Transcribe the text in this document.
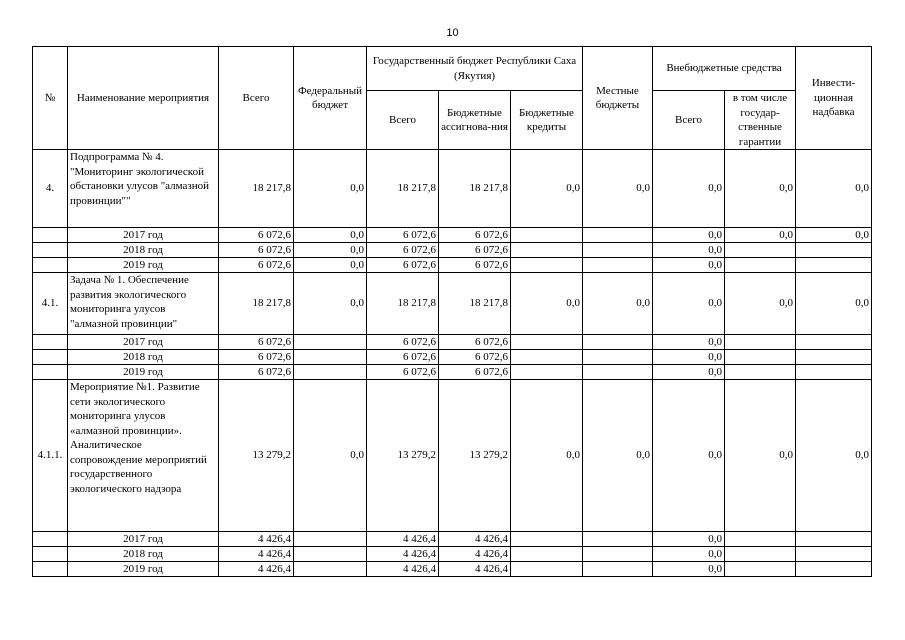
10
№	Наименование мероприятия	Всего	Федеральный бюджет	Государственный бюджет Республики Саха (Якутия)			Местные бюджеты	Внебюджетные средства		Инвести-ционная надбавка
				Всего	Бюджетные ассигнова-ния	Бюджетные кредиты		Всего	в том числе государ-ственные гарантии	
4.	Подпрограмма № 4. "Мониторинг экологической обстановки улусов "алмазной провинции""	18 217,8	0,0	18 217,8	18 217,8	0,0	0,0	0,0	0,0	0,0
	2017 год	6 072,6	0,0	6 072,6	6 072,6			0,0	0,0	0,0
	2018 год	6 072,6	0,0	6 072,6	6 072,6			0,0		
	2019 год	6 072,6	0,0	6 072,6	6 072,6			0,0		
4.1.	Задача № 1. Обеспечение развития экологического мониторинга улусов "алмазной провинции"	18 217,8	0,0	18 217,8	18 217,8	0,0	0,0	0,0	0,0	0,0
	2017 год	6 072,6		6 072,6	6 072,6			0,0		
	2018 год	6 072,6		6 072,6	6 072,6			0,0		
	2019 год	6 072,6		6 072,6	6 072,6			0,0		
4.1.1.	Мероприятие №1. Развитие сети экологического мониторинга улусов «алмазной провинции». Аналитическое сопровождение мероприятий государственного экологического надзора	13 279,2	0,0	13 279,2	13 279,2	0,0	0,0	0,0	0,0	0,0
	2017 год	4 426,4		4 426,4	4 426,4			0,0		
	2018 год	4 426,4		4 426,4	4 426,4			0,0		
	2019 год	4 426,4		4 426,4	4 426,4			0,0		
